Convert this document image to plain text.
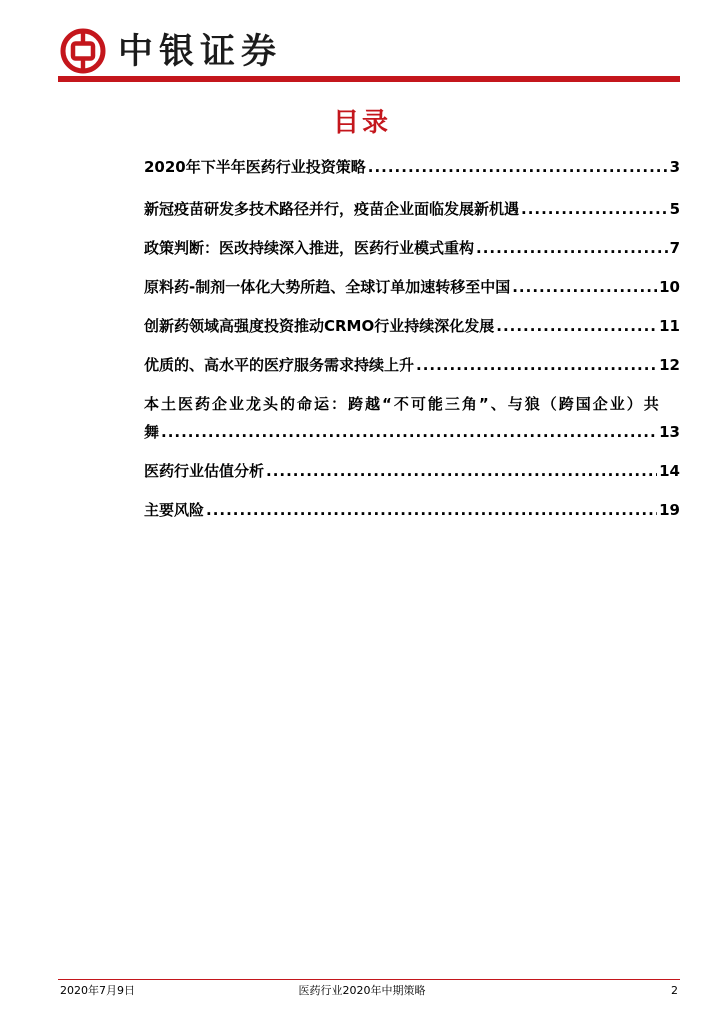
中银证券
目录
2020年下半年医药行业投资策略 .....	3
新冠疫苗研发多技术路径并行，疫苗企业面临发展新机遇 .....	5
政策判断：医改持续深入推进，医药行业模式重构 .....	7
原料药-制剂一体化大势所趋、全球订单加速转移至中国 .....	10
创新药领域高强度投资推动CRMO行业持续深化发展 .....	11
优质的、高水平的医疗服务需求持续上升 .....	12
本土医药企业龙头的命运：跨越“不可能三角”、与狼（跨国企业）共
舞 .....	13
医药行业估值分析 .....	14
主要风险 .....	19
2020年7月9日	医药行业2020年中期策略	2
